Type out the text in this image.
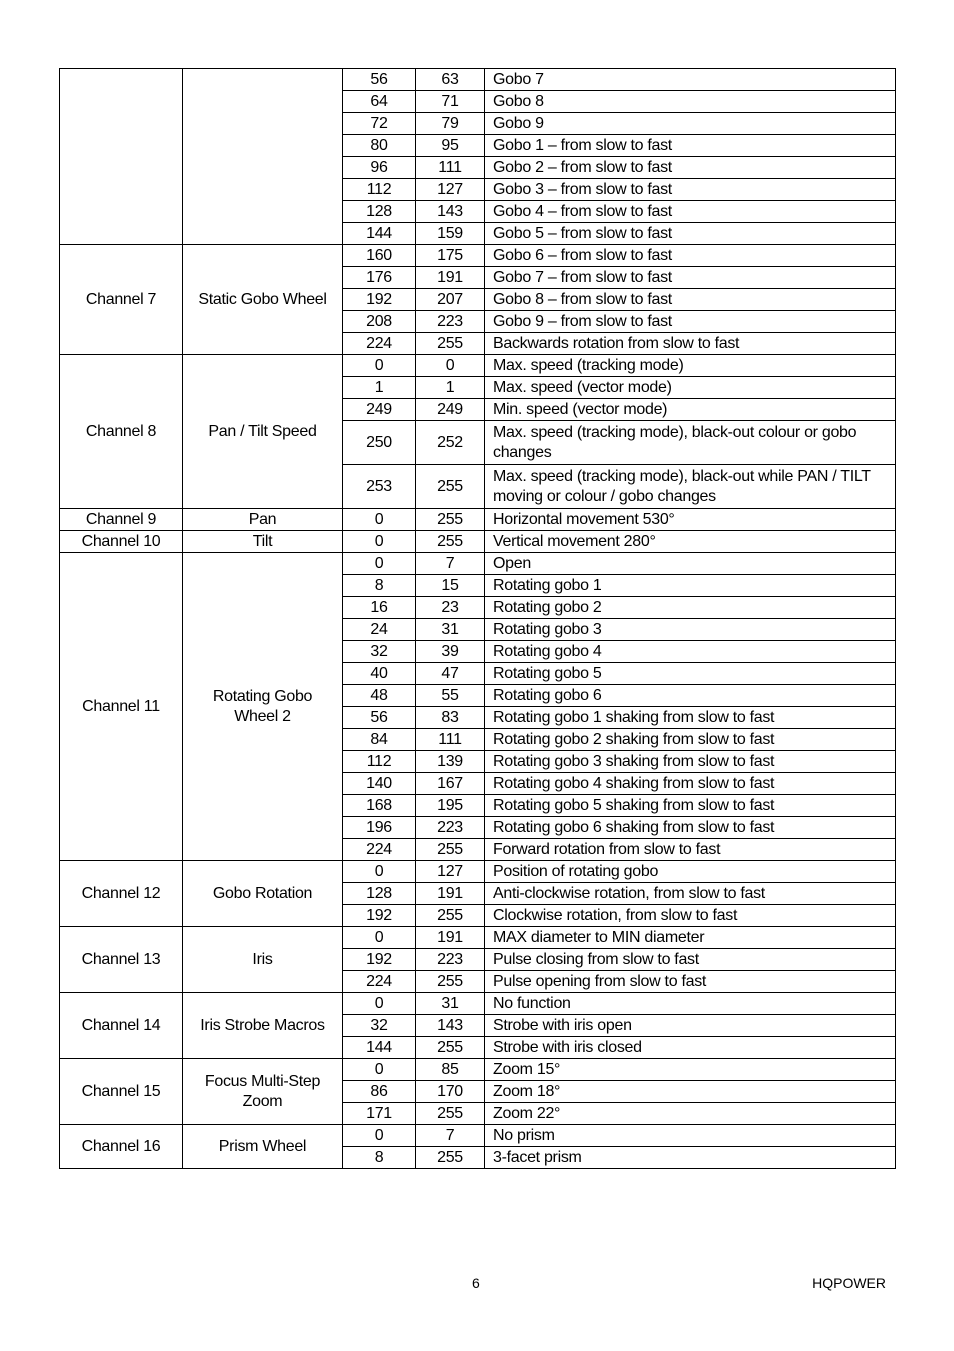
		56	63	Gobo 7
		64	71	Gobo 8
		72	79	Gobo 9
		80	95	Gobo 1 – from slow to fast
		96	111	Gobo 2 – from slow to fast
		112	127	Gobo 3 – from slow to fast
		128	143	Gobo 4 – from slow to fast
		144	159	Gobo 5 – from slow to fast
Channel 7	Static Gobo Wheel	160	175	Gobo 6 – from slow to fast
		176	191	Gobo 7 – from slow to fast
		192	207	Gobo 8 – from slow to fast
		208	223	Gobo 9 – from slow to fast
		224	255	Backwards rotation from slow to fast
Channel 8	Pan / Tilt Speed	0	0	Max. speed (tracking mode)
		1	1	Max. speed (vector mode)
		249	249	Min. speed (vector mode)
		250	252	Max. speed (tracking mode), black-out colour or gobo changes
		253	255	Max. speed (tracking mode), black-out while PAN / TILT moving or colour / gobo changes
Channel 9	Pan	0	255	Horizontal movement 530°
Channel 10	Tilt	0	255	Vertical movement 280°
Channel 11	Rotating Gobo Wheel 2	0	7	Open
		8	15	Rotating gobo 1
		16	23	Rotating gobo 2
		24	31	Rotating gobo 3
		32	39	Rotating gobo 4
		40	47	Rotating gobo 5
		48	55	Rotating gobo 6
		56	83	Rotating gobo 1 shaking from slow to fast
		84	111	Rotating gobo 2 shaking from slow to fast
		112	139	Rotating gobo 3 shaking from slow to fast
		140	167	Rotating gobo 4 shaking from slow to fast
		168	195	Rotating gobo 5 shaking from slow to fast
		196	223	Rotating gobo 6 shaking from slow to fast
		224	255	Forward rotation from slow to fast
Channel 12	Gobo Rotation	0	127	Position of rotating gobo
		128	191	Anti-clockwise rotation, from slow to fast
		192	255	Clockwise rotation, from slow to fast
Channel 13	Iris	0	191	MAX diameter to MIN diameter
		192	223	Pulse closing from slow to fast
		224	255	Pulse opening from slow to fast
Channel 14	Iris Strobe Macros	0	31	No function
		32	143	Strobe with iris open
		144	255	Strobe with iris closed
Channel 15	Focus Multi-Step Zoom	0	85	Zoom 15°
		86	170	Zoom 18°
		171	255	Zoom 22°
Channel 16	Prism Wheel	0	7	No prism
		8	255	3-facet prism
6	HQPOWER
